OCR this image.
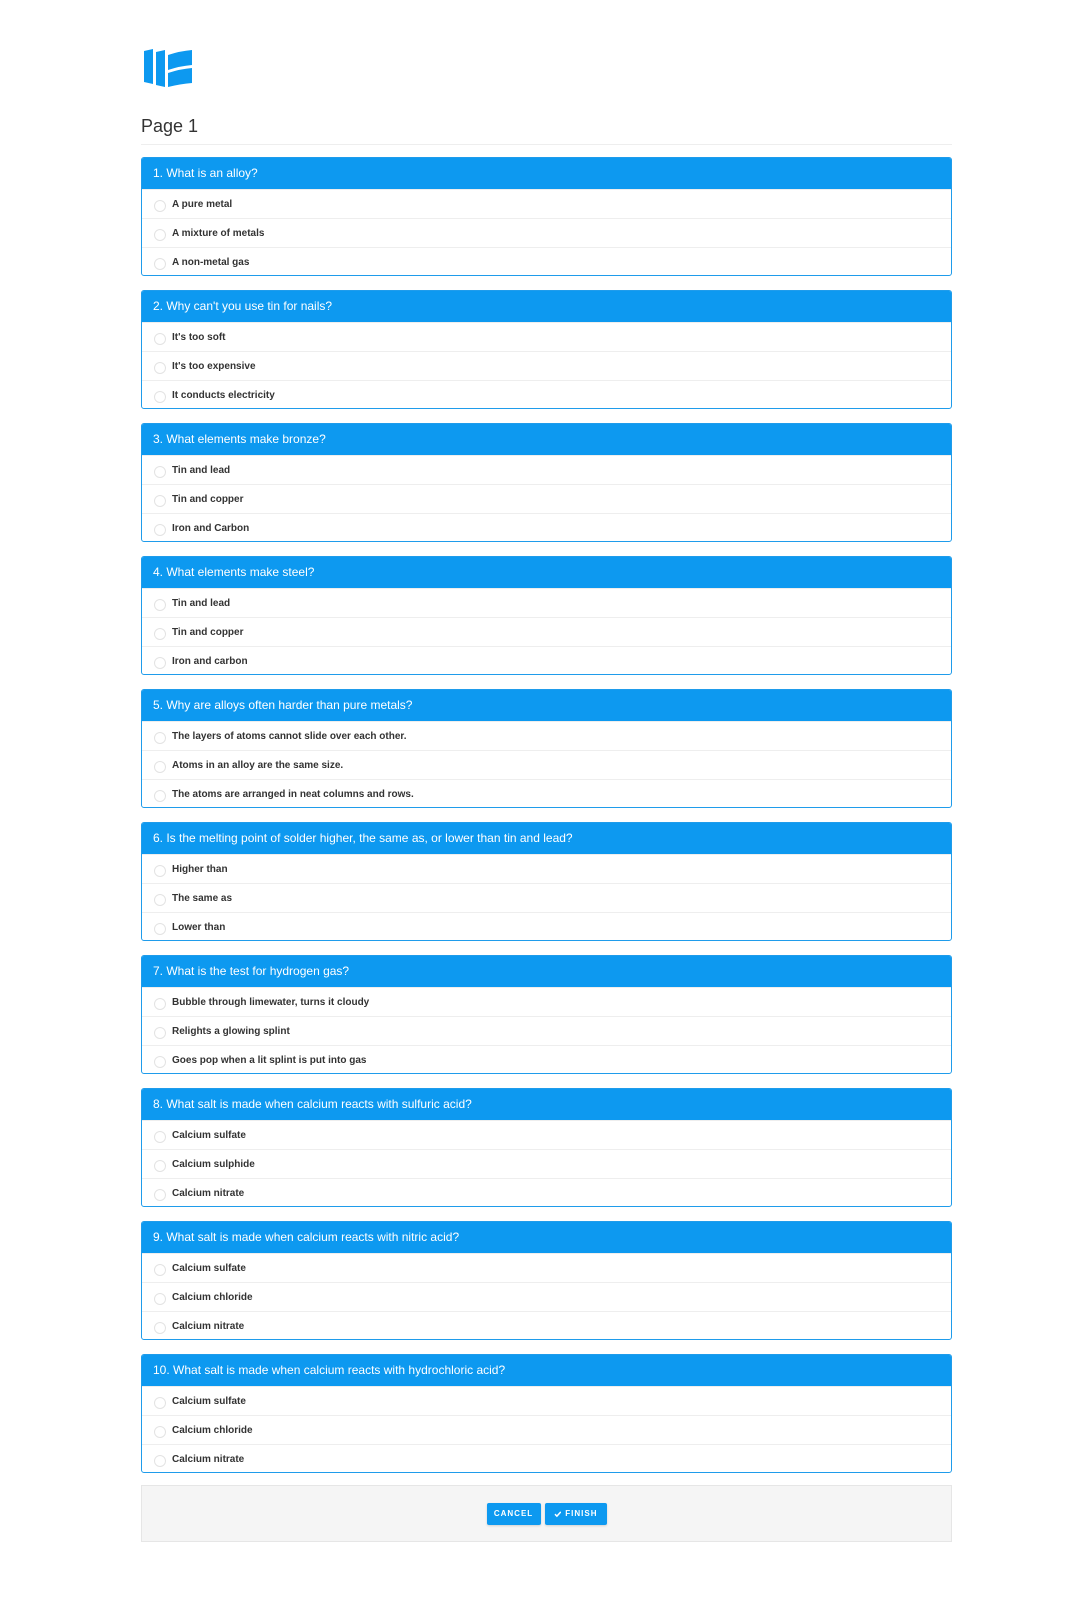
Page 1
1. What is an alloy?
A pure metal
A mixture of metals
A non-metal gas
2. Why can't you use tin for nails?
It's too soft
It's too expensive
It conducts electricity
3. What elements make bronze?
Tin and lead
Tin and copper
Iron and Carbon
4. What elements make steel?
Tin and lead
Tin and copper
Iron and carbon
5. Why are alloys often harder than pure metals?
The layers of atoms cannot slide over each other.
Atoms in an alloy are the same size.
The atoms are arranged in neat columns and rows.
6. Is the melting point of solder higher, the same as, or lower than tin and lead?
Higher than
The same as
Lower than
7. What is the test for hydrogen gas?
Bubble through limewater, turns it cloudy
Relights a glowing splint
Goes pop when a lit splint is put into gas
8. What salt is made when calcium reacts with sulfuric acid?
Calcium sulfate
Calcium sulphide
Calcium nitrate
9. What salt is made when calcium reacts with nitric acid?
Calcium sulfate
Calcium chloride
Calcium nitrate
10. What salt is made when calcium reacts with hydrochloric acid?
Calcium sulfate
Calcium chloride
Calcium nitrate
CANCEL	FINISH
